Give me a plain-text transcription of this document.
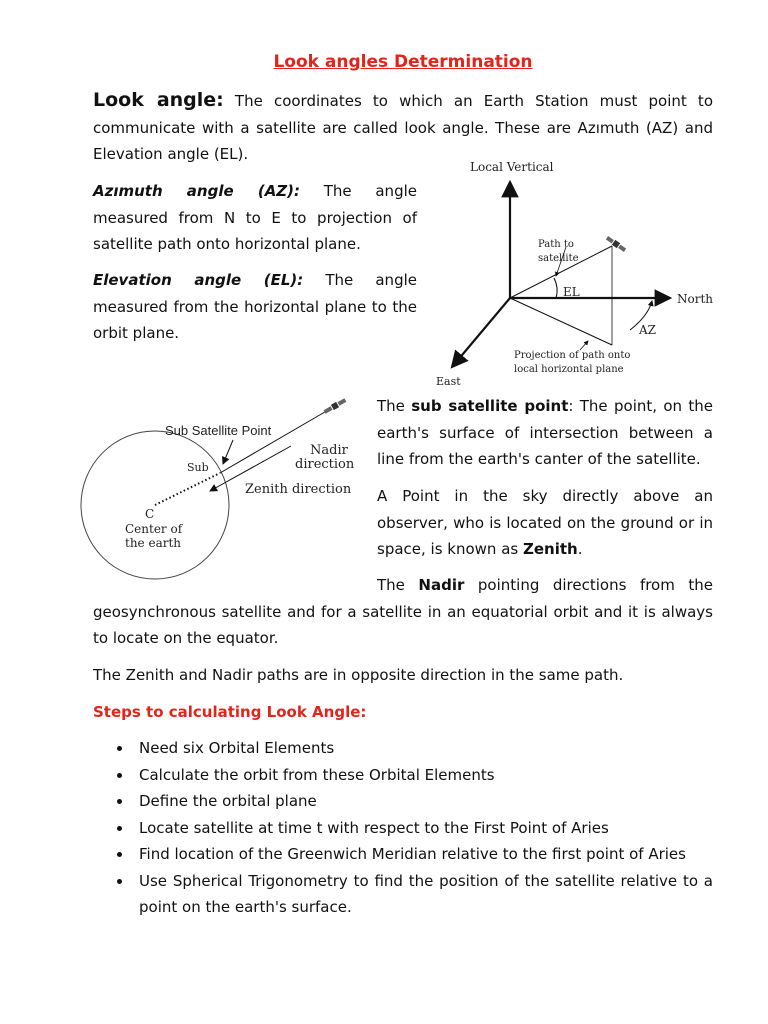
Look angles Determination
Look angle: The coordinates to which an Earth Station must point to communicate with a satellite are called look angle. These are Azımuth (AZ) and Elevation angle (EL).
Azımuth angle (AZ): The angle measured from N to E to projection of satellite path onto horizontal plane.
Elevation angle (EL): The angle measured from the horizontal plane to the orbit plane.
Local Vertical
Path to
satellite
EL	North
AZ
Projection of path onto
local horizontal plane
East
Sub Satellite Point
Nadir
direction
Sub
Zenith direction
C
Center of
the earth
The sub satellite point: The point, on the earth's surface of intersection between a line from the earth's canter of the satellite.
A Point in the sky directly above an observer, who is located on the ground or in space, is known as Zenith.
The Nadir pointing directions from the geosynchronous satellite and for a satellite in an equatorial orbit and it is always to locate on the equator.
The Zenith and Nadir paths are in opposite direction in the same path.
Steps to calculating Look Angle:
Need six Orbital Elements
Calculate the orbit from these Orbital Elements
Define the orbital plane
Locate satellite at time t with respect to the First Point of Aries
Find location of the Greenwich Meridian relative to the first point of Aries
Use Spherical Trigonometry to find the position of the satellite relative to a point on the earth's surface.
